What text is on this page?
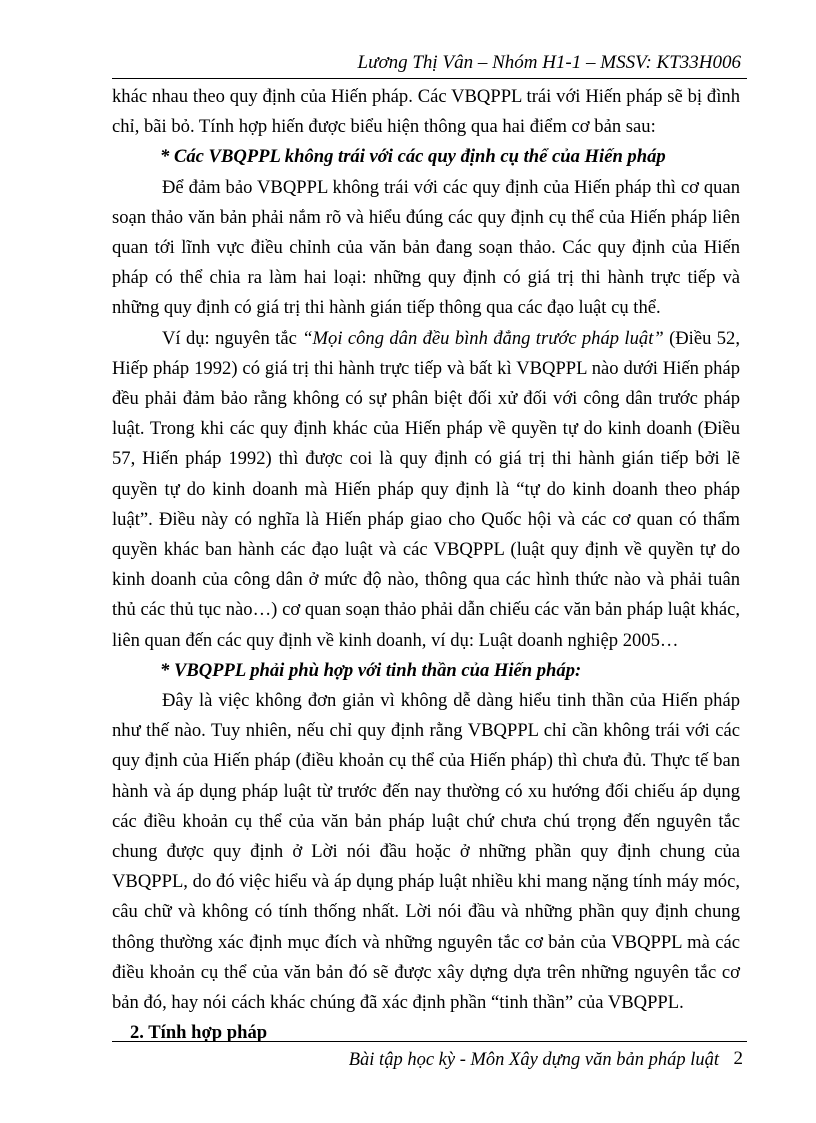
Lương Thị Vân – Nhóm H1-1 – MSSV: KT33H006

khác nhau theo quy định của Hiến pháp. Các VBQPPL trái với Hiến pháp sẽ bị đình chỉ, bãi bỏ. Tính hợp hiến được biểu hiện thông qua hai điểm cơ bản sau:

* Các VBQPPL không trái với các quy định cụ thể của Hiến pháp

Để đảm bảo VBQPPL không trái với các quy định của Hiến pháp thì cơ quan soạn thảo văn bản phải nắm rõ và hiểu đúng các quy định cụ thể của Hiến pháp liên quan tới lĩnh vực điều chỉnh của văn bản đang soạn thảo. Các quy định của Hiến pháp có thể chia ra làm hai loại: những quy định có giá trị thi hành trực tiếp và những quy định có giá trị thi hành gián tiếp thông qua các đạo luật cụ thể.

Ví dụ: nguyên tắc “Mọi công dân đều bình đẳng trước pháp luật” (Điều 52, Hiếp pháp 1992) có giá trị thi hành trực tiếp và bất kì VBQPPL nào dưới Hiến pháp đều phải đảm bảo rằng không có sự phân biệt đối xử đối với công dân trước pháp luật. Trong khi các quy định khác của Hiến pháp về quyền tự do kinh doanh (Điều 57, Hiến pháp 1992) thì được coi là quy định có giá trị thi hành gián tiếp bởi lẽ quyền tự do kinh doanh mà Hiến pháp quy định là “tự do kinh doanh theo pháp luật”. Điều này có nghĩa là Hiến pháp giao cho Quốc hội và các cơ quan có thẩm quyền khác ban hành các đạo luật và các VBQPPL (luật quy định về quyền tự do kinh doanh của công dân ở mức độ nào, thông qua các hình thức nào và phải tuân thủ các thủ tục nào…) cơ quan soạn thảo phải dẫn chiếu các văn bản pháp luật khác, liên quan đến các quy định về kinh doanh, ví dụ: Luật doanh nghiệp 2005…

* VBQPPL phải phù hợp với tinh thần của Hiến pháp:

Đây là việc không đơn giản vì không dễ dàng hiểu tinh thần của Hiến pháp như thế nào. Tuy nhiên, nếu chỉ quy định rằng VBQPPL chỉ cần không trái với các quy định của Hiến pháp (điều khoản cụ thể của Hiến pháp) thì chưa đủ. Thực tế ban hành và áp dụng pháp luật từ trước đến nay thường có xu hướng đối chiếu áp dụng các điều khoản cụ thể của văn bản pháp luật chứ chưa chú trọng đến nguyên tắc chung được quy định ở Lời nói đầu hoặc ở những phần quy định chung của VBQPPL, do đó việc hiểu và áp dụng pháp luật nhiều khi mang nặng tính máy móc, câu chữ và không có tính thống nhất. Lời nói đầu và những phần quy định chung thông thường xác định mục đích và những nguyên tắc cơ bản của VBQPPL mà các điều khoản cụ thể của văn bản đó sẽ được xây dựng dựa trên những nguyên tắc cơ bản đó, hay nói cách khác chúng đã xác định phần “tinh thần” của VBQPPL.

2. Tính hợp pháp

Bài tập học kỳ - Môn Xây dựng văn bản pháp luật 2
